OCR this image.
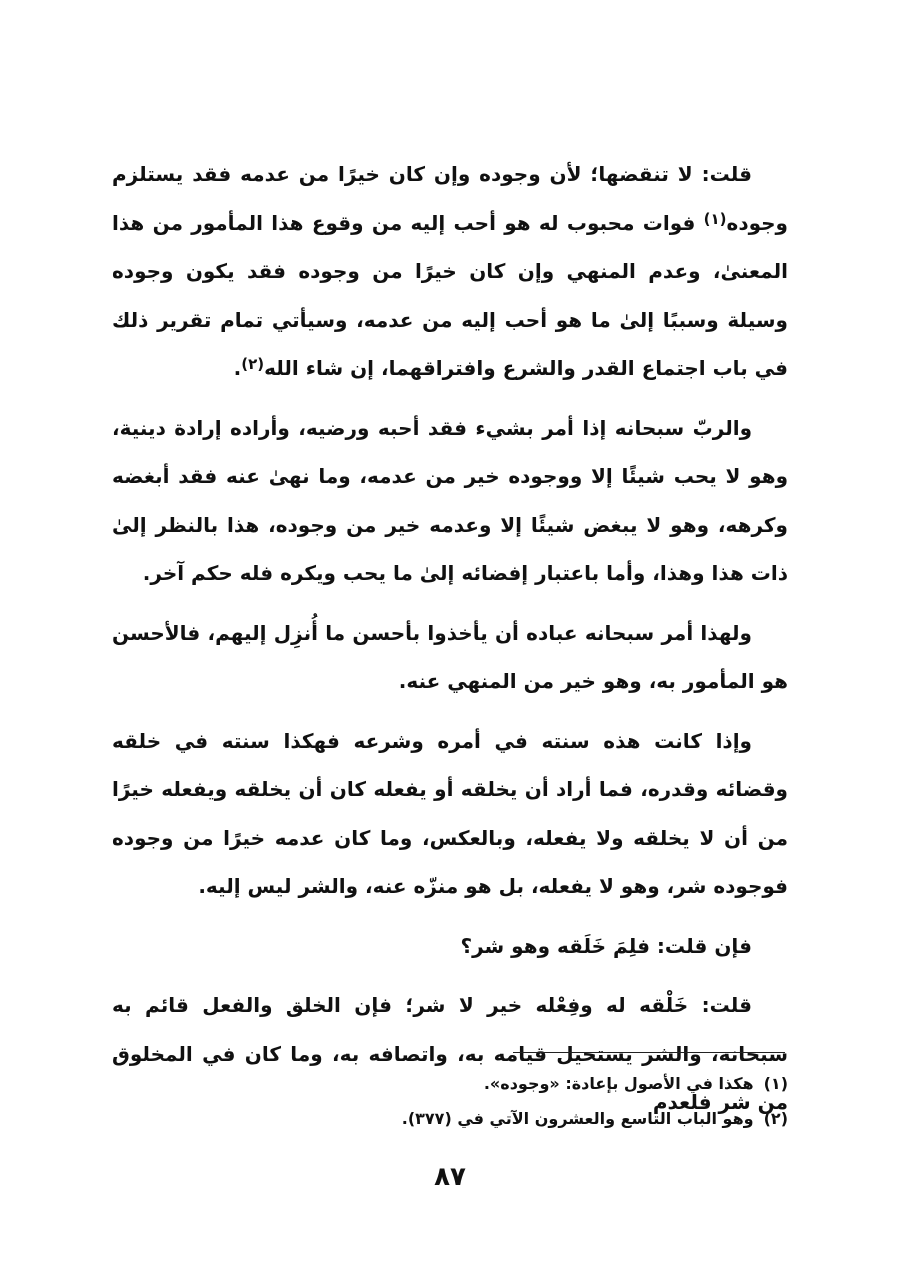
قلت: لا تنقضها؛ لأن وجوده وإن كان خيرًا من عدمه فقد يستلزم وجوده$^{(١)}$ فوات محبوب له هو أحب إليه من وقوع هذا المأمور من هذا المعنىٰ، وعدم المنهي وإن كان خيرًا من وجوده فقد يكون وجوده وسيلة وسببًا إلىٰ ما هو أحب إليه من عدمه، وسيأتي تمام تقرير ذلك في باب اجتماع القدر والشرع وافتراقهما، إن شاء الله$^{(٢)}$.

والربّ سبحانه إذا أمر بشيء فقد أحبه ورضيه، وأراده إرادة دينية، وهو لا يحب شيئًا إلا ووجوده خير من عدمه، وما نهىٰ عنه فقد أبغضه وكرهه، وهو لا يبغض شيئًا إلا وعدمه خير من وجوده، هذا بالنظر إلىٰ ذات هذا وهذا، وأما باعتبار إفضائه إلىٰ ما يحب ويكره فله حكم آخر.

ولهذا أمر سبحانه عباده أن يأخذوا بأحسن ما أُنزِل إليهم، فالأحسن هو المأمور به، وهو خير من المنهي عنه.

وإذا كانت هذه سنته في أمره وشرعه فهكذا سنته في خلقه وقضائه وقدره، فما أراد أن يخلقه أو يفعله كان أن يخلقه ويفعله خيرًا من أن لا يخلقه ولا يفعله، وبالعكس، وما كان عدمه خيرًا من وجوده فوجوده شر، وهو لا يفعله، بل هو منزّه عنه، والشر ليس إليه.

فإن قلت: فلِمَ خَلَقه وهو شر؟

قلت: خَلْقه له وفِعْله خير لا شر؛ فإن الخلق والفعل قائم به سبحانه، والشر يستحيل قيامه به، واتصافه به، وما كان في المخلوق من شر فلعدم

(١)
هكذا في الأصول بإعادة: «وجوده».
(٢)
وهو الباب التاسع والعشرون الآتي في (٣٧٧).
٨٧
